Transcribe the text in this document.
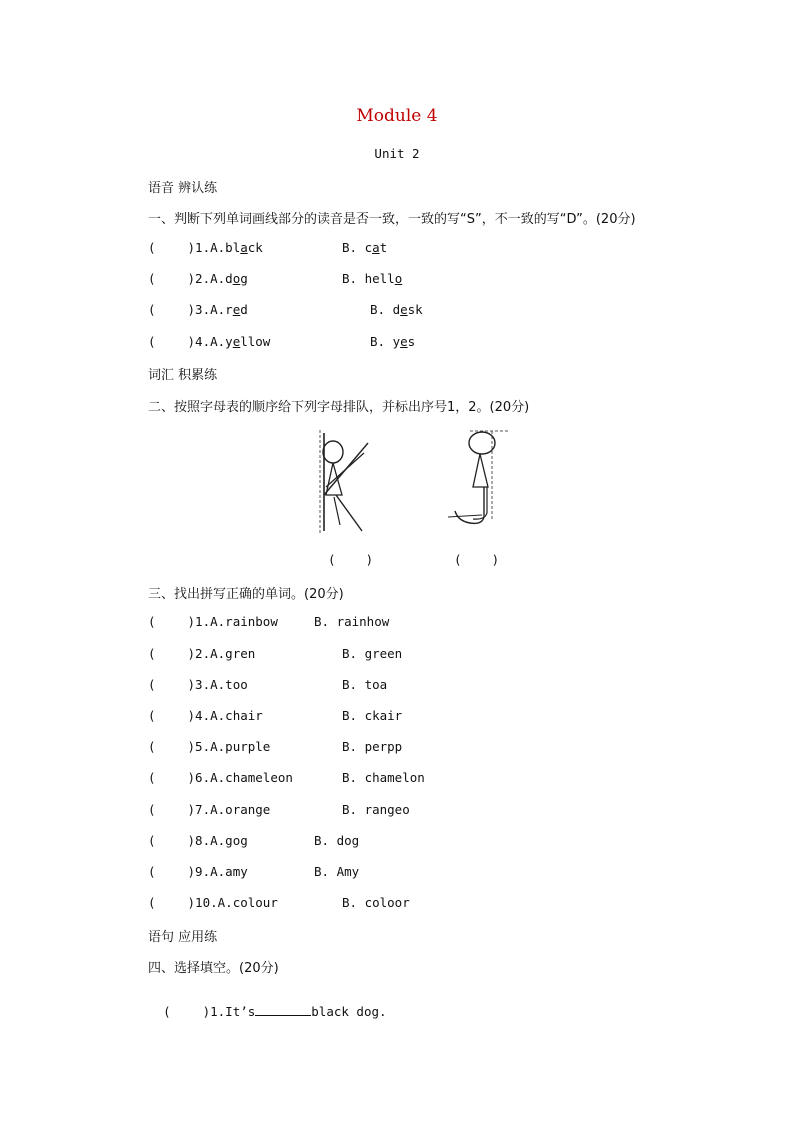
Module 4
Unit 2
语音 辨认练
一、判断下列单词画线部分的读音是否一致，一致的写“S”，不一致的写“D”。(20分)
(	)1.A.black	B. cat
(	)2.A.dog	B. hello
(	)3.A.red	B. desk
(	)4.A.yellow	B. yes
词汇 积累练
二、按照字母表的顺序给下列字母排队，并标出序号1，2。(20分)
(    )	(    )
三、找出拼写正确的单词。(20分)
(	)1.A.rainbow	B. rainhow
(	)2.A.gren	B. green
(	)3.A.too	B. toa
(	)4.A.chair	B. ckair
(	)5.A.purple	B. perpp
(	)6.A.chameleon	B. chamelon
(	)7.A.orange	B. rangeo
(	)8.A.gog	B. dog
(	)9.A.amy	B. Amy
(	)10.A.colour	B. coloor
语句 应用练
四、选择填空。(20分)

(	)1.It’s	black dog.
